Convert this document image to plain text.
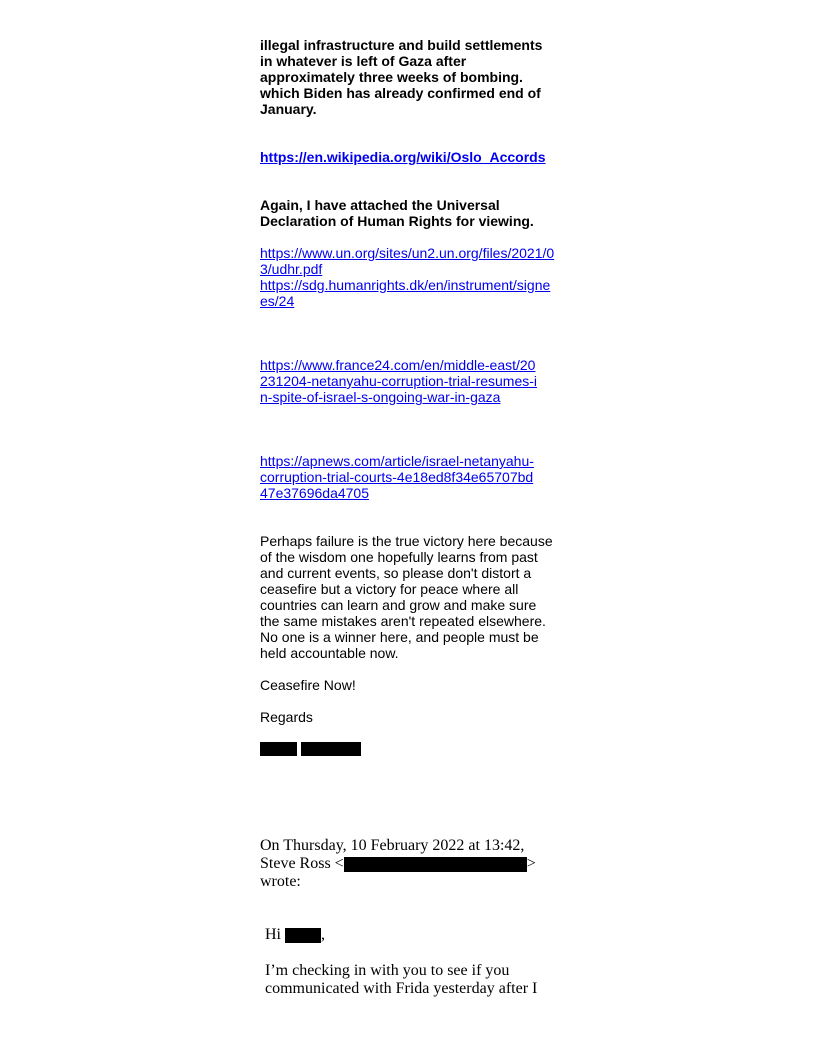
illegal infrastructure and build settlements in whatever is left of Gaza after approximately three weeks of bombing. which Biden has already confirmed end of January.
https://en.wikipedia.org/wiki/Oslo_Accords
Again, I have attached the Universal Declaration of Human Rights for viewing.
https://www.un.org/sites/un2.un.org/files/2021/03/udhr.pdf
https://sdg.humanrights.dk/en/instrument/signees/24
https://www.france24.com/en/middle-east/20231204-netanyahu-corruption-trial-resumes-in-spite-of-israel-s-ongoing-war-in-gaza
https://apnews.com/article/israel-netanyahu-corruption-trial-courts-4e18ed8f34e65707bd47e37696da4705
Perhaps failure is the true victory here because of the wisdom one hopefully learns from past and current events, so please don't distort a ceasefire but a victory for peace where all countries can learn and grow and make sure the same mistakes aren't repeated elsewhere. No one is a winner here, and people must be held accountable now.
Ceasefire Now!
Regards
On Thursday, 10 February 2022 at 13:42, Steve Ross <	> wrote:
Hi ,
I’m checking in with you to see if you communicated with Frida yesterday after I
